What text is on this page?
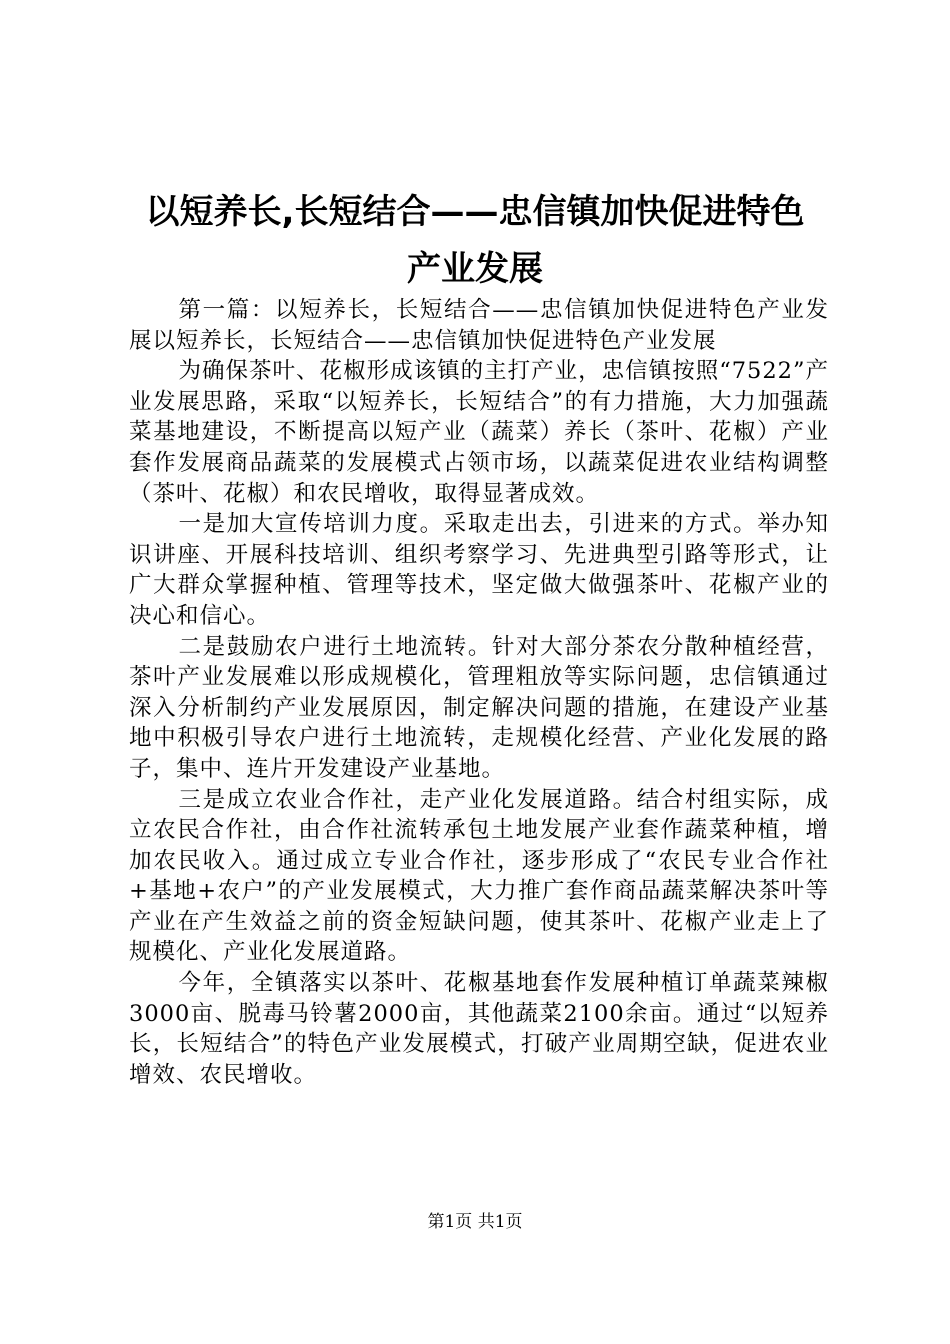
以短养长,长短结合——忠信镇加快促进特色
产业发展

第一篇：以短养长，长短结合——忠信镇加快促进特色产业发展以短养长，长短结合——忠信镇加快促进特色产业发展

为确保茶叶、花椒形成该镇的主打产业，忠信镇按照“7522”产业发展思路，采取“以短养长，长短结合”的有力措施，大力加强蔬菜基地建设，不断提高以短产业（蔬菜）养长（茶叶、花椒）产业套作发展商品蔬菜的发展模式占领市场，以蔬菜促进农业结构调整（茶叶、花椒）和农民增收，取得显著成效。

一是加大宣传培训力度。采取走出去，引进来的方式。举办知识讲座、开展科技培训、组织考察学习、先进典型引路等形式，让广大群众掌握种植、管理等技术，坚定做大做强茶叶、花椒产业的决心和信心。

二是鼓励农户进行土地流转。针对大部分茶农分散种植经营，茶叶产业发展难以形成规模化，管理粗放等实际问题，忠信镇通过深入分析制约产业发展原因，制定解决问题的措施，在建设产业基地中积极引导农户进行土地流转，走规模化经营、产业化发展的路子，集中、连片开发建设产业基地。

三是成立农业合作社，走产业化发展道路。结合村组实际，成立农民合作社，由合作社流转承包土地发展产业套作蔬菜种植，增加农民收入。通过成立专业合作社，逐步形成了“农民专业合作社+基地+农户”的产业发展模式，大力推广套作商品蔬菜解决茶叶等产业在产生效益之前的资金短缺问题，使其茶叶、花椒产业走上了规模化、产业化发展道路。

今年，全镇落实以茶叶、花椒基地套作发展种植订单蔬菜辣椒3000亩、脱毒马铃薯2000亩，其他蔬菜2100余亩。通过“以短养长，长短结合”的特色产业发展模式，打破产业周期空缺，促进农业增效、农民增收。

第1页 共1页
